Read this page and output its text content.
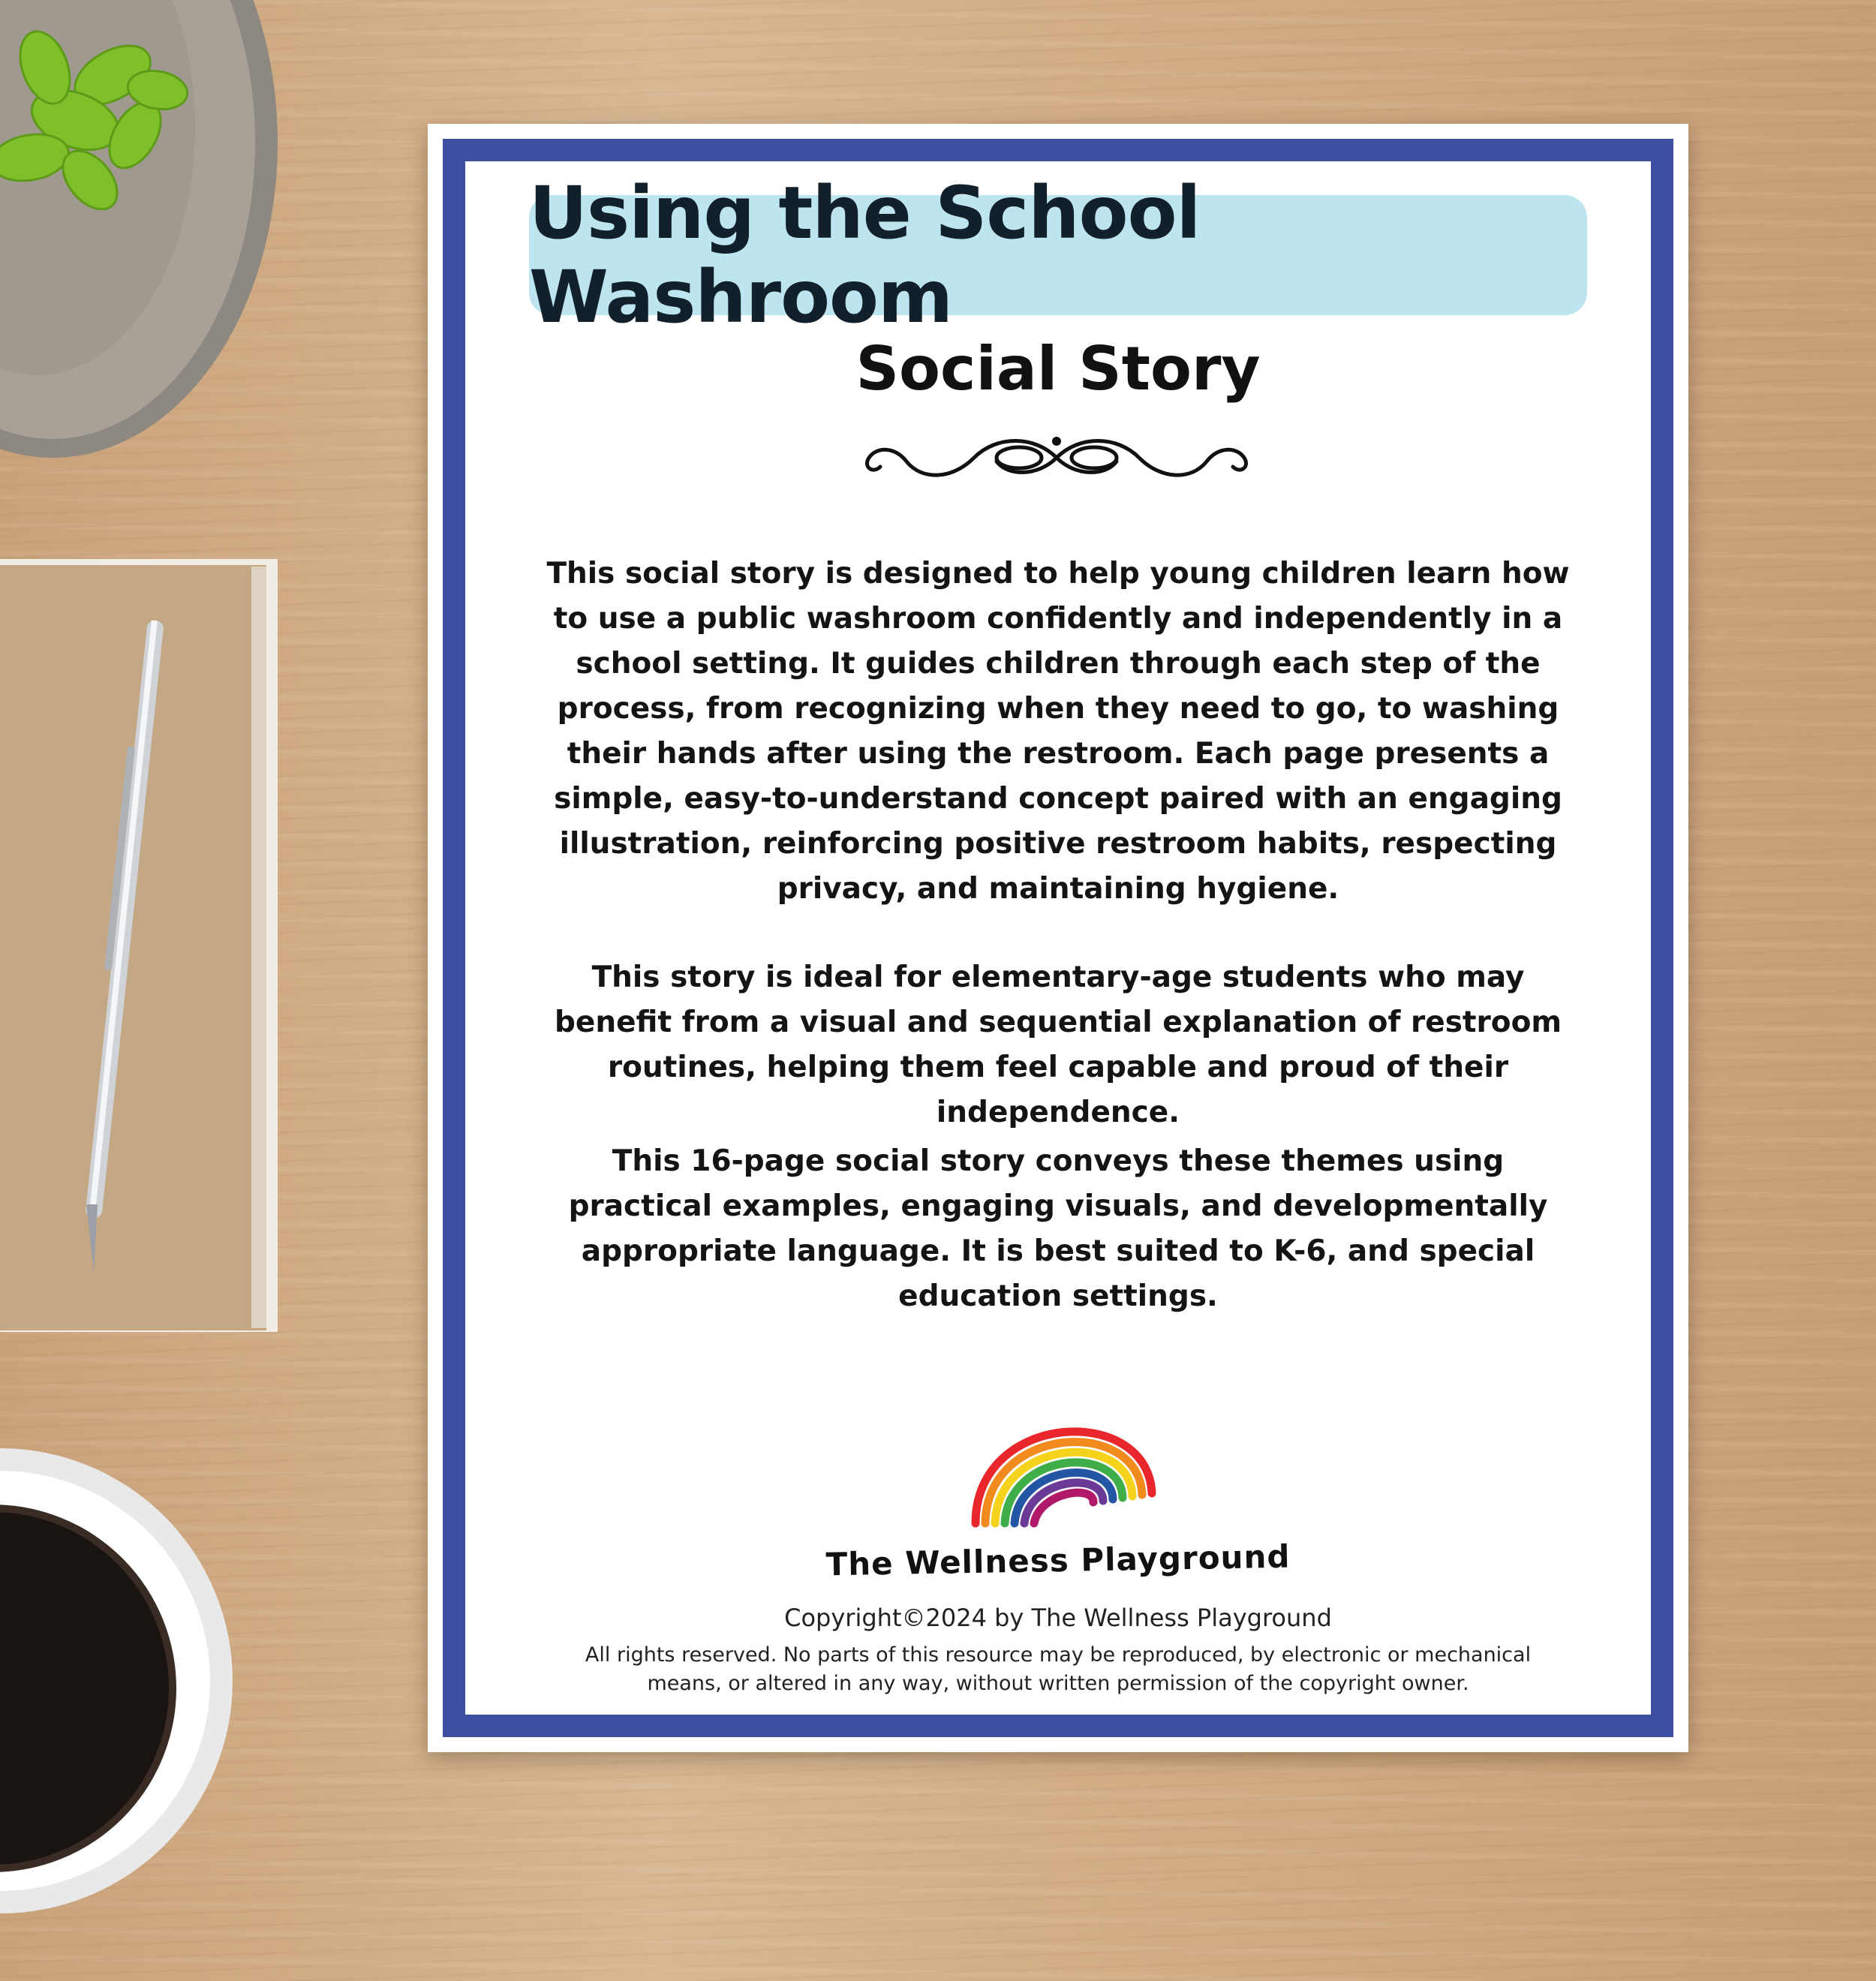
Using the School Washroom
Social Story

This social story is designed to help young children learn how to use a public washroom confidently and independently in a school setting. It guides children through each step of the process, from recognizing when they need to go, to washing their hands after using the restroom. Each page presents a simple, easy-to-understand concept paired with an engaging illustration, reinforcing positive restroom habits, respecting privacy, and maintaining hygiene.

This story is ideal for elementary-age students who may benefit from a visual and sequential explanation of restroom routines, helping them feel capable and proud of their independence.

This 16-page social story conveys these themes using practical examples, engaging visuals, and developmentally appropriate language. It is best suited to K-6, and special education settings.

The Wellness Playground
Copyright©2024 by The Wellness Playground

All rights reserved. No parts of this resource may be reproduced, by electronic or mechanical means, or altered in any way, without written permission of the copyright owner.
